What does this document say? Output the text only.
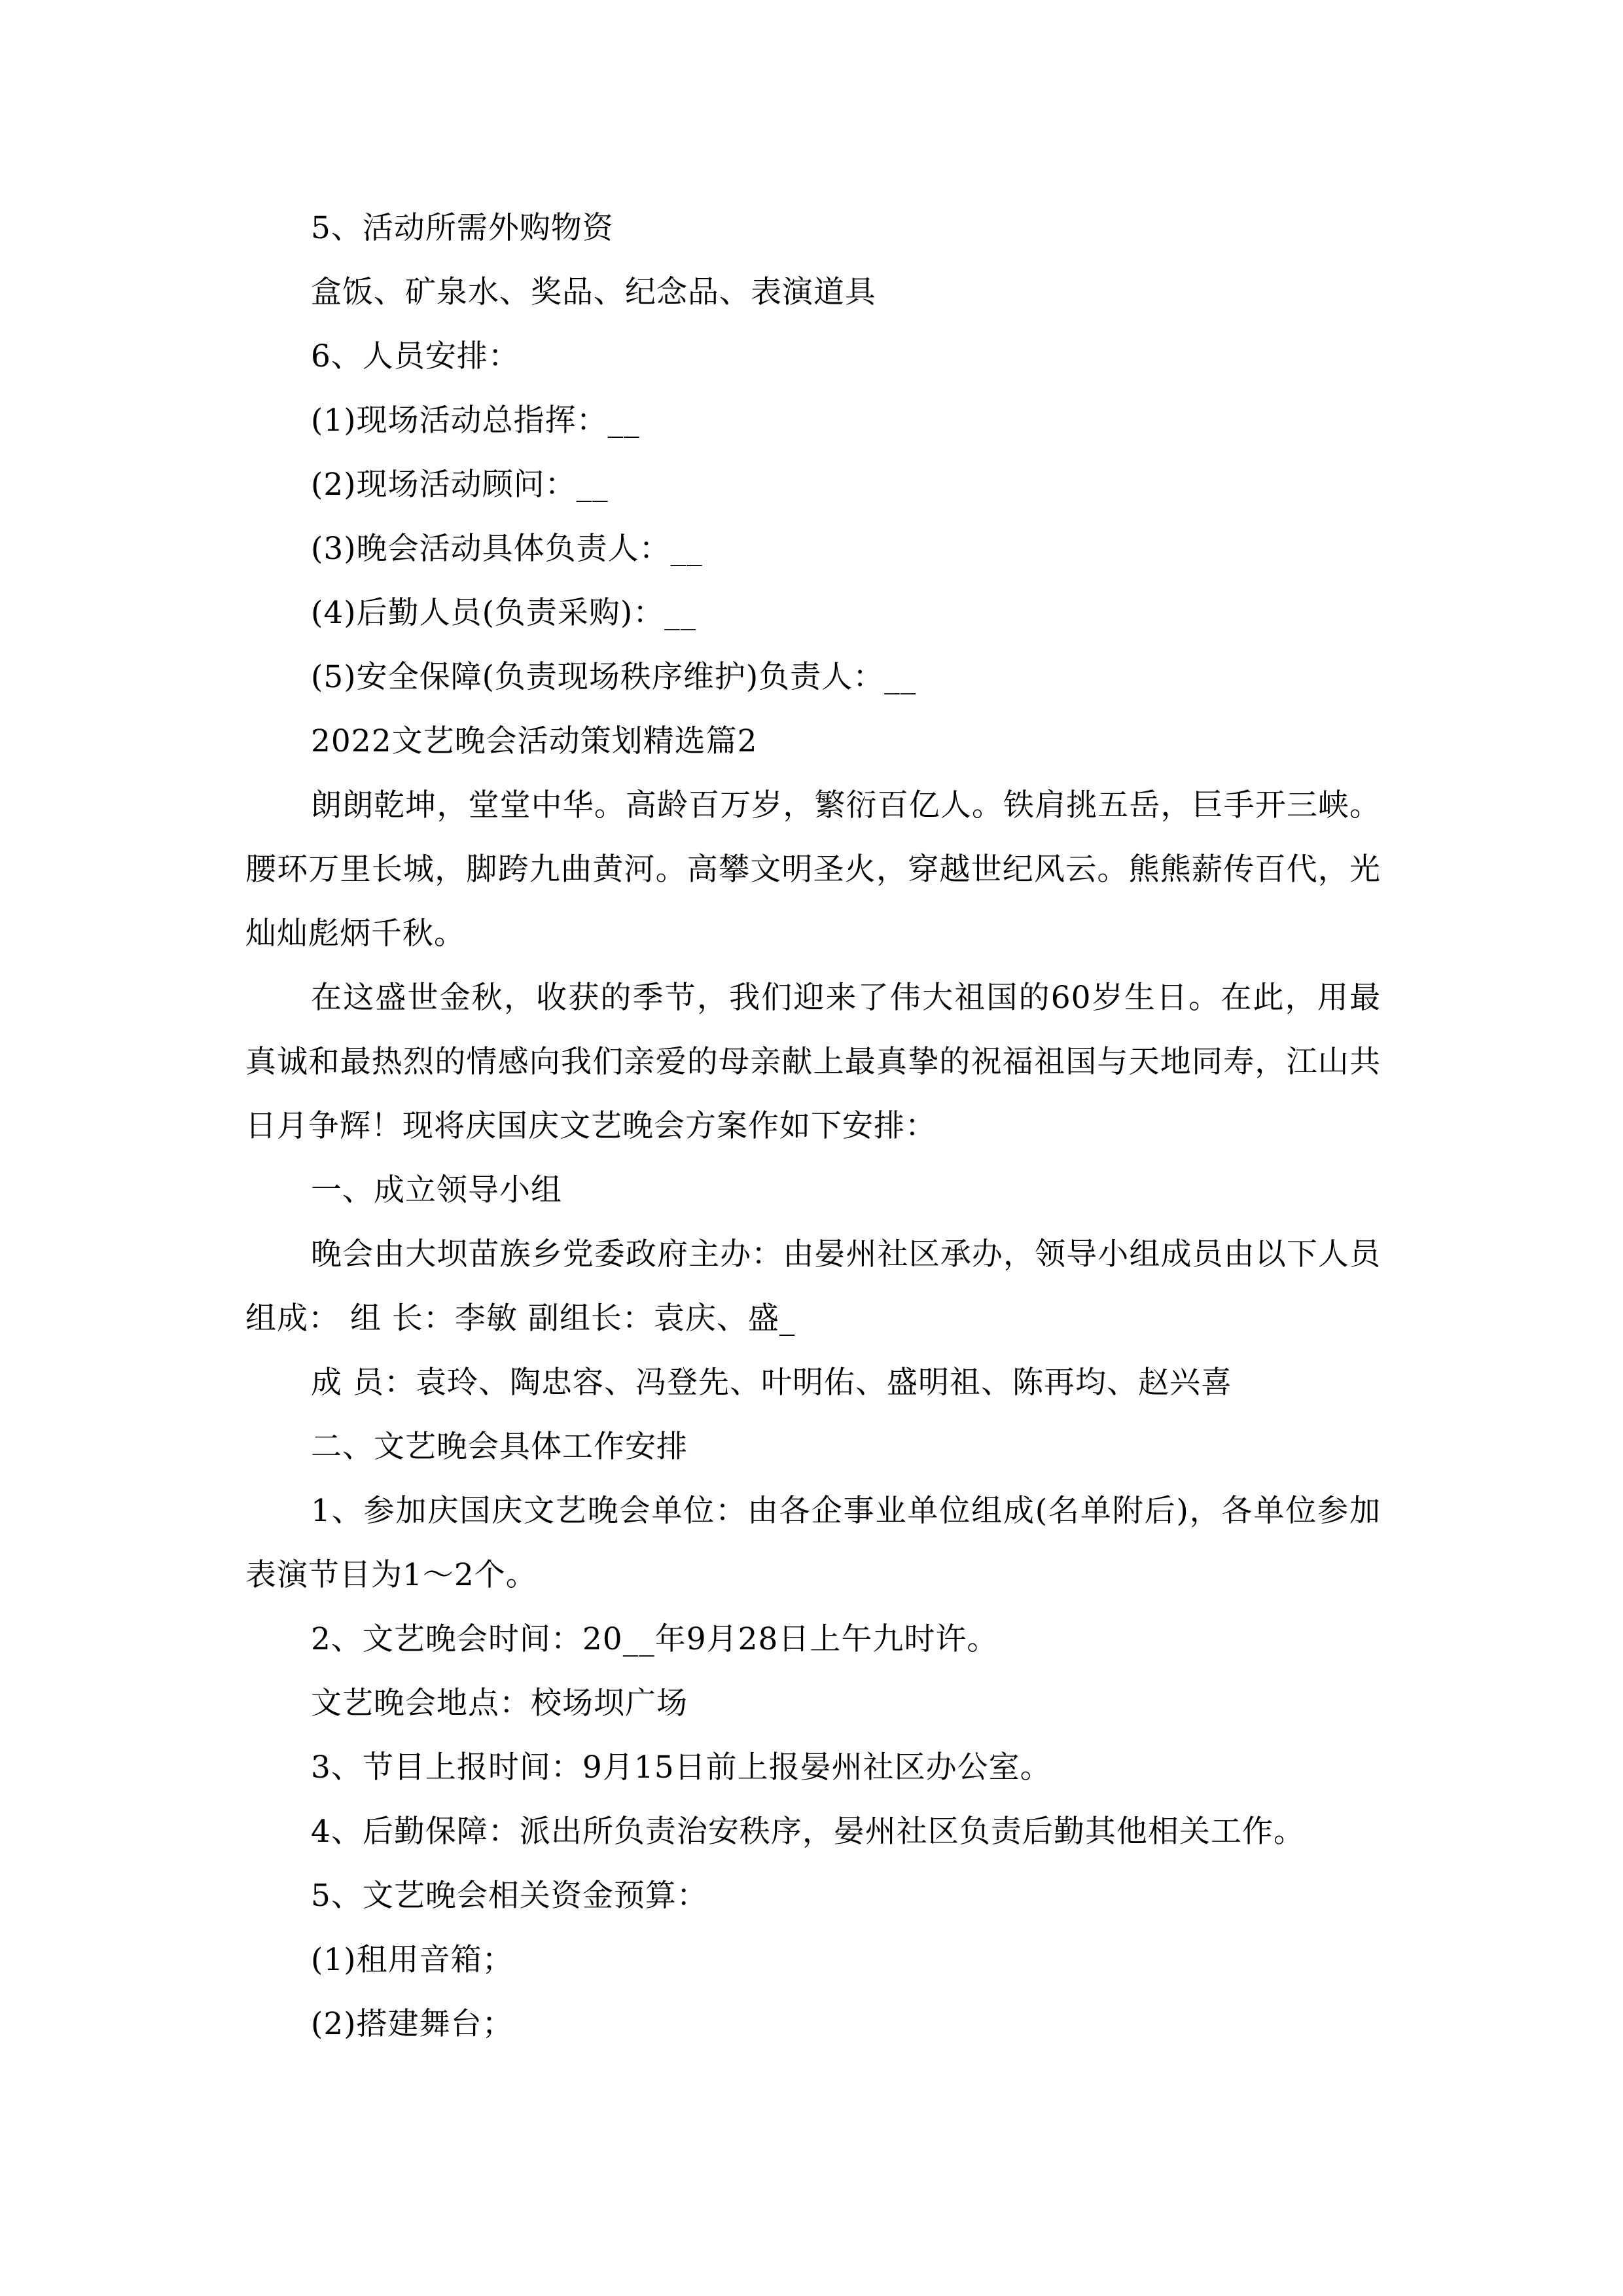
5、活动所需外购物资

盒饭、矿泉水、奖品、纪念品、表演道具

6、人员安排：

(1)现场活动总指挥：__

(2)现场活动顾问：__

(3)晚会活动具体负责人：__

(4)后勤人员(负责采购)：__

(5)安全保障(负责现场秩序维护)负责人：__

2022文艺晚会活动策划精选篇2

朗朗乾坤，堂堂中华。高龄百万岁，繁衍百亿人。铁肩挑五岳，巨手开三峡。腰环万里长城，脚跨九曲黄河。高攀文明圣火，穿越世纪风云。熊熊薪传百代，光灿灿彪炳千秋。

在这盛世金秋，收获的季节，我们迎来了伟大祖国的60岁生日。在此，用最真诚和最热烈的情感向我们亲爱的母亲献上最真挚的祝福祖国与天地同寿，江山共日月争辉！现将庆国庆文艺晚会方案作如下安排：

一、成立领导小组

晚会由大坝苗族乡党委政府主办：由晏州社区承办，领导小组成员由以下人员组成： 组 长：李敏 副组长：袁庆、盛_

成 员：袁玲、陶忠容、冯登先、叶明佑、盛明祖、陈再均、赵兴喜

二、文艺晚会具体工作安排

1、参加庆国庆文艺晚会单位：由各企事业单位组成(名单附后)，各单位参加表演节目为1～2个。

2、文艺晚会时间：20__年9月28日上午九时许。

文艺晚会地点：校场坝广场

3、节目上报时间：9月15日前上报晏州社区办公室。

4、后勤保障：派出所负责治安秩序，晏州社区负责后勤其他相关工作。

5、文艺晚会相关资金预算：

(1)租用音箱；

(2)搭建舞台；
